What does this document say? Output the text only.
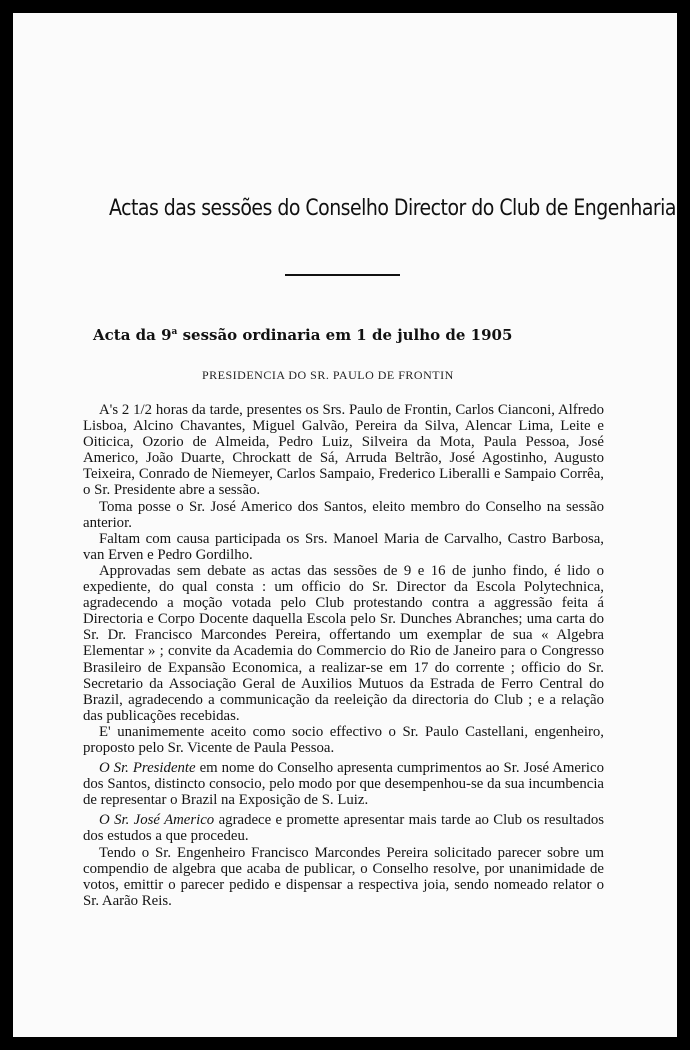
Actas das sessões do Conselho Director do Club de Engenharia
Acta da 9$^a$ sessão ordinaria em 1 de julho de 1905

PRESIDENCIA DO SR. PAULO DE FRONTIN

A's 2 1/2 horas da tarde, presentes os Srs. Paulo de Frontin, Carlos Cianconi, Alfredo Lisboa, Alcino Chavantes, Miguel Galvão, Pereira da Silva, Alencar Lima, Leite e Oiticica, Ozorio de Almeida, Pedro Luiz, Silveira da Mota, Paula Pessoa, José Americo, João Duarte, Chrockatt de Sá, Arruda Beltrão, José Agostinho, Augusto Teixeira, Conrado de Niemeyer, Carlos Sampaio, Frederico Liberalli e Sampaio Corrêa, o Sr. Presidente abre a sessão.

Toma posse o Sr. José Americo dos Santos, eleito membro do Conselho na sessão anterior.

Faltam com causa participada os Srs. Manoel Maria de Carvalho, Castro Barbosa, van Erven e Pedro Gordilho.

Approvadas sem debate as actas das sessões de 9 e 16 de junho findo, é lido o expediente, do qual consta : um officio do Sr. Director da Escola Polytechnica, agradecendo a moção votada pelo Club protestando contra a aggressão feita á Directoria e Corpo Docente daquella Escola pelo Sr. Dunches Abranches; uma carta do Sr. Dr. Francisco Marcondes Pereira, offertando um exemplar de sua « Algebra Elementar » ; convite da Academia do Commercio do Rio de Janeiro para o Congresso Brasileiro de Expansão Economica, a realizar-se em 17 do corrente ; officio do Sr. Secretario da Associação Geral de Auxilios Mutuos da Estrada de Ferro Central do Brazil, agradecendo a communicação da reeleição da directoria do Club ; e a relação das publicações recebidas.

E' unanimemente aceito como socio effectivo o Sr. Paulo Castellani, engenheiro, proposto pelo Sr. Vicente de Paula Pessoa.

O Sr. Presidente em nome do Conselho apresenta cumprimentos ao Sr. José Americo dos Santos, distincto consocio, pelo modo por que desempenhou-se da sua incumbencia de representar o Brazil na Exposição de S. Luiz.

O Sr. José Americo agradece e promette apresentar mais tarde ao Club os resultados dos estudos a que procedeu.

Tendo o Sr. Engenheiro Francisco Marcondes Pereira solicitado parecer sobre um compendio de algebra que acaba de publicar, o Conselho resolve, por unanimidade de votos, emittir o parecer pedido e dispensar a respectiva joia, sendo nomeado relator o Sr. Aarão Reis.
